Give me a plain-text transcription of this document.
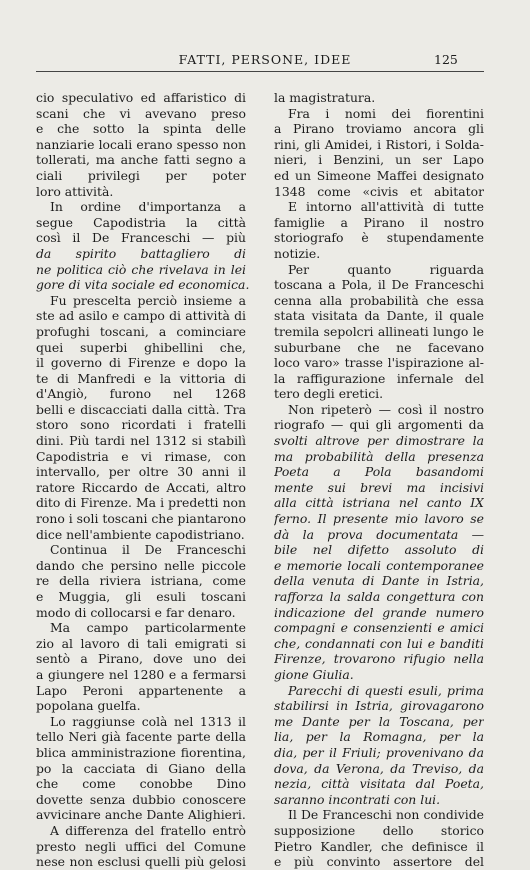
FATTI, PERSONE, IDEE	125
cio speculativo ed affaristico di
scani che vi avevano preso
e che sotto la spinta delle
nanziarie locali erano spesso non
tollerati, ma anche fatti segno a
ciali privilegi per poter
loro attività.
In ordine d'importanza a
segue Capodistria la città
così il De Franceschi — più
da spirito battagliero di
ne politica ciò che rivelava in lei
gore di vita sociale ed economica.
Fu prescelta perciò insieme a
ste ad asilo e campo di attività di
profughi toscani, a cominciare
quei superbi ghibellini che,
il governo di Firenze e dopo la
te di Manfredi e la vittoria di
d'Angiò, furono nel 1268
belli e discacciati dalla città. Tra
storo sono ricordati i fratelli
dini. Più tardi nel 1312 si stabilì
Capodistria e vi rimase, con
intervallo, per oltre 30 anni il
ratore Riccardo de Accati, altro
dito di Firenze. Ma i predetti non
rono i soli toscani che piantarono
dice nell'ambiente capodistriano.
Continua il De Franceschi
dando che persino nelle piccole
re della riviera istriana, come
e Muggia, gli esuli toscani
modo di collocarsi e far denaro.
Ma campo particolarmente
zio al lavoro di tali emigrati si
sentò a Pirano, dove uno dei
a giungere nel 1280 e a fermarsi
Lapo Peroni appartenente a
popolana guelfa.
Lo raggiunse colà nel 1313 il
tello Neri già facente parte della
blica amministrazione fiorentina,
po la cacciata di Giano della
che come conobbe Dino
dovette senza dubbio conoscere
avvicinare anche Dante Alighieri.
A differenza del fratello entrò
presto negli uffici del Comune
nese non esclusi quelli più gelosi
la magistratura.
Fra i nomi dei fiorentini
a Pirano troviamo ancora gli
rini, gli Amidei, i Ristori, i Solda-
nieri, i Benzini, un ser Lapo
ed un Simeone Maffei designato
1348 come «civis et abitator
E intorno all'attività di tutte
famiglie a Pirano il nostro
storiografo è stupendamente
notizie.
Per quanto riguarda
toscana a Pola, il De Franceschi
cenna alla probabilità che essa
stata visitata da Dante, il quale
tremila sepolcri allineati lungo le
suburbane che ne facevano
loco varo» trasse l'ispirazione al-
la raffigurazione infernale del
tero degli eretici.
Non ripeterò — così il nostro
riografo — qui gli argomenti da
svolti altrove per dimostrare la
ma probabilità della presenza
Poeta a Pola basandomi
mente sui brevi ma incisivi
alla città istriana nel canto IX
ferno. Il presente mio lavoro se
dà la prova documentata —
bile nel difetto assoluto di
e memorie locali contemporanee
della venuta di Dante in Istria,
rafforza la salda congettura con
indicazione del grande numero
compagni e consenzienti e amici
che, condannati con lui e banditi
Firenze, trovarono rifugio nella
gione Giulia.
Parecchi di questi esuli, prima
stabilirsi in Istria, girovagarono
me Dante per la Toscana, per
lia, per la Romagna, per la
dia, per il Friuli; provenivano da
dova, da Verona, da Treviso, da
nezia, città visitata dal Poeta,
saranno incontrati con lui.
Il De Franceschi non condivide
supposizione dello storico
Pietro Kandler, che definisce il
e più convinto assertore del
